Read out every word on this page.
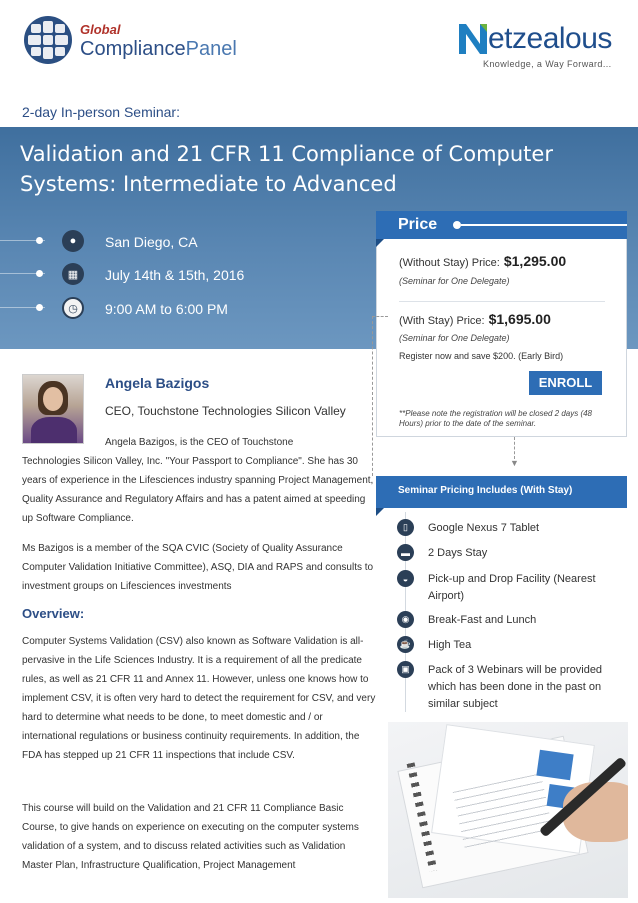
Global
CompliancePanel	etzealous
Knowledge, a Way Forward...
2-day In-person Seminar:
Validation and 21 CFR 11 Compliance of Computer Systems: Intermediate to Advanced
●	San Diego, CA
▦	July 14th & 15th, 2016
◷	9:00 AM to 6:00 PM
(Without Stay) Price: $1,295.00
(Seminar for One Delegate)
(With Stay) Price: $1,695.00
(Seminar for One Delegate)
Register now and save $200. (Early Bird)
ENROLL
**Please note the registration will be closed 2 days (48 Hours) prior to the date of the seminar.
Price
▼
Angela Bazigos
CEO, Touchstone Technologies Silicon Valley
Angela Bazigos, is the CEO of Touchstone
Technologies Silicon Valley, Inc. "Your Passport to Compliance". She has 30 years of experience in the Lifesciences industry spanning Project Management, Quality Assurance and Regulatory Affairs and has a patent aimed at speeding up Software Compliance.
Ms Bazigos is a member of the SQA CVIC (Society of Quality Assurance Computer Validation Initiative Committee), ASQ, DIA and RAPS and consults to investment groups on Lifesciences investments
Overview:
Computer Systems Validation (CSV) also known as Software Validation is all-pervasive in the Life Sciences Industry. It is a requirement of all the predicate rules, as well as 21 CFR 11 and Annex 11. However, unless one knows how to implement CSV, it is often very hard to detect the requirement for CSV, and very hard to determine what needs to be done, to meet domestic and / or international regulations or business continuity requirements. In addition, the FDA has stepped up 21 CFR 11 inspections that include CSV.
This course will build on the Validation and 21 CFR 11 Compliance Basic Course, to give hands on experience on executing on the computer systems validation of a system, and to discuss related activities such as Validation Master Plan, Infrastructure Qualification, Project Management
Seminar Pricing Includes (With Stay)
▯	Google Nexus 7 Tablet
▬	2 Days Stay
◒	Pick-up and Drop Facility (Nearest Airport)
◉	Break-Fast and Lunch
☕ High Tea
▣	Pack of 3 Webinars will be provided which has been done in the past on similar subject
